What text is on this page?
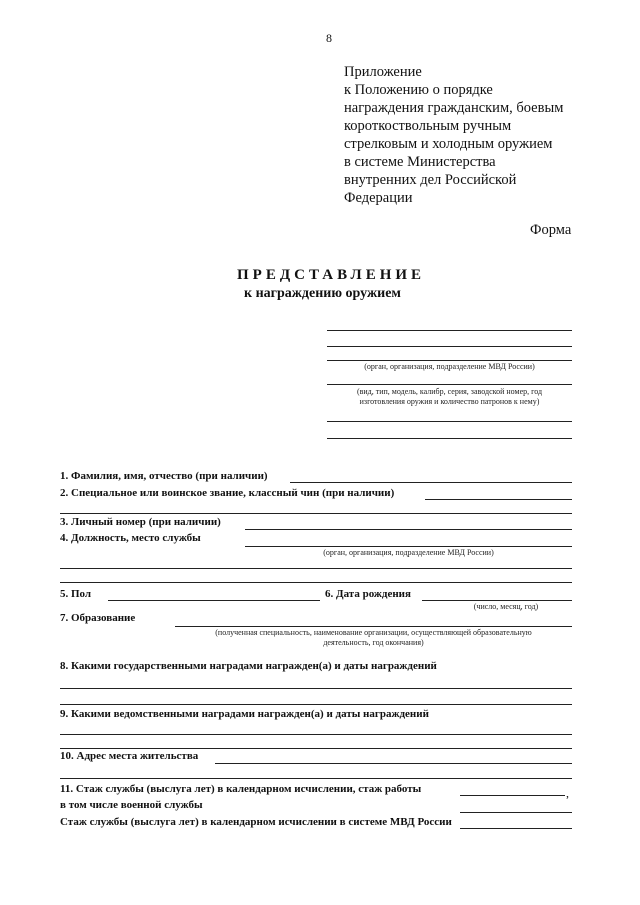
8
Приложение
к Положению о порядке
награждения гражданским, боевым
короткоствольным ручным
стрелковым и холодным оружием
в системе Министерства
внутренних дел Российской
Федерации
Форма
ПРЕДСТАВЛЕНИЕ
к награждению оружием
(орган, организация, подразделение МВД России)
(вид, тип, модель, калибр, серия, заводской номер, год
изготовления оружия и количество патронов к нему)
1. Фамилия, имя, отчество (при наличии)
2. Специальное или воинское звание, классный чин (при наличии)
3. Личный номер (при наличии)
4. Должность, место службы
(орган, организация, подразделение МВД России)
5. Пол	6. Дата рождения
(число, месяц, год)
7. Образование
(полученная специальность, наименование организации, осуществляющей образовательную
деятельность, год окончания)
8. Какими государственными наградами награжден(а) и даты награждений
9. Какими ведомственными наградами награжден(а) и даты награждений
10. Адрес места жительства
11. Стаж службы (выслуга лет) в календарном исчислении, стаж работы	,
в том числе военной службы
Стаж службы (выслуга лет) в календарном исчислении в системе МВД России
